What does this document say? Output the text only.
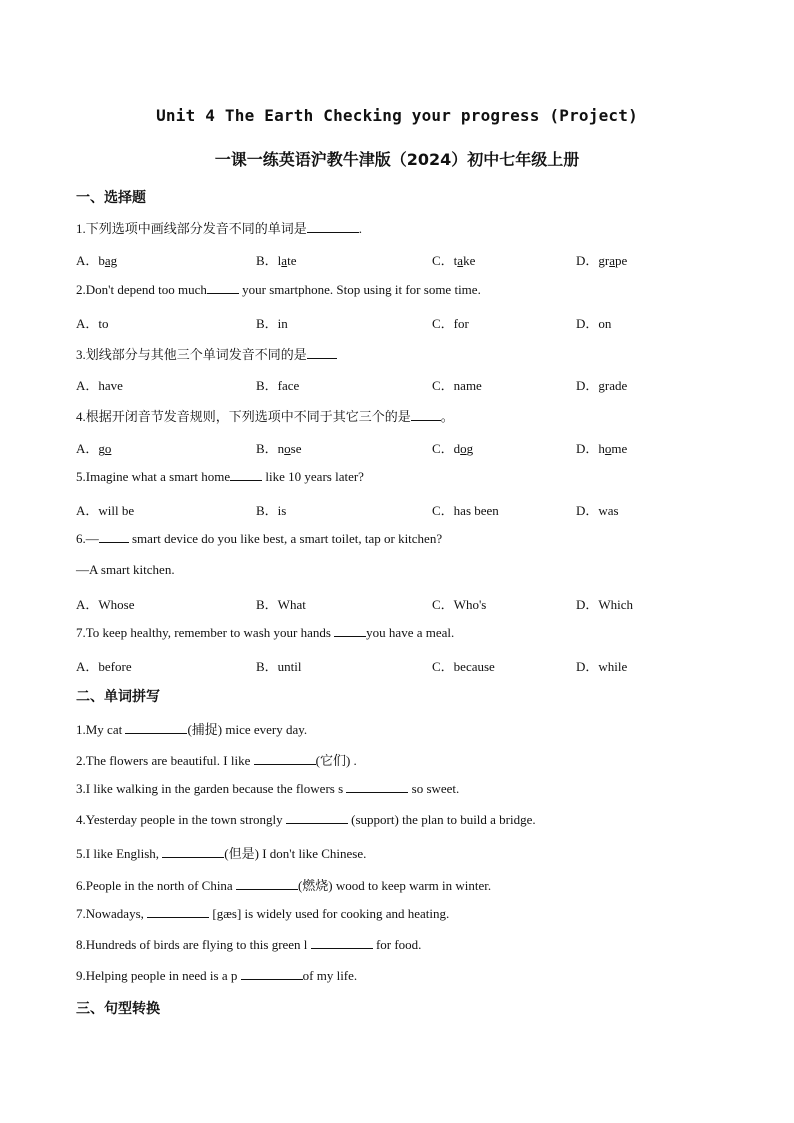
Unit 4 The Earth Checking your progress (Project)
一课一练英语沪教牛津版（2024）初中七年级上册
一、选择题
1.下列选项中画线部分发音不同的单词是	.
A．bag	B．late	C．take	D．grape
2.Don't depend too much your smartphone. Stop using it for some time.
A．to	B．in	C．for	D．on
3.划线部分与其他三个单词发音不同的是
A．have	B．face	C．name	D．grade
4.根据开闭音节发音规则，下列选项中不同于其它三个的是 。
A．go	B．nose	C．dog	D．home
5.Imagine what a smart home like 10 years later?
A．will be	B．is	C．has been	D．was
6.— smart device do you like best, a smart toilet, tap or kitchen?
—A smart kitchen.
A．Whose	B．What	C．Who's	D．Which
7.To keep healthy, remember to wash your hands you have a meal.
A．before	B．until	C．because	D．while
二、单词拼写
1.My cat	(捕捉) mice every day.
2.The flowers are beautiful. I like	(它们) .
3.I like walking in the garden because the flowers s	so sweet.
4.Yesterday people in the town strongly	(support) the plan to build a bridge.
5.I like English,	(但是) I don't like Chinese.
6.People in the north of China	(燃烧) wood to keep warm in winter.
7.Nowadays,	[gæs] is widely used for cooking and heating.
8.Hundreds of birds are flying to this green l	for food.
9.Helping people in need is a p	of my life.
三、句型转换
